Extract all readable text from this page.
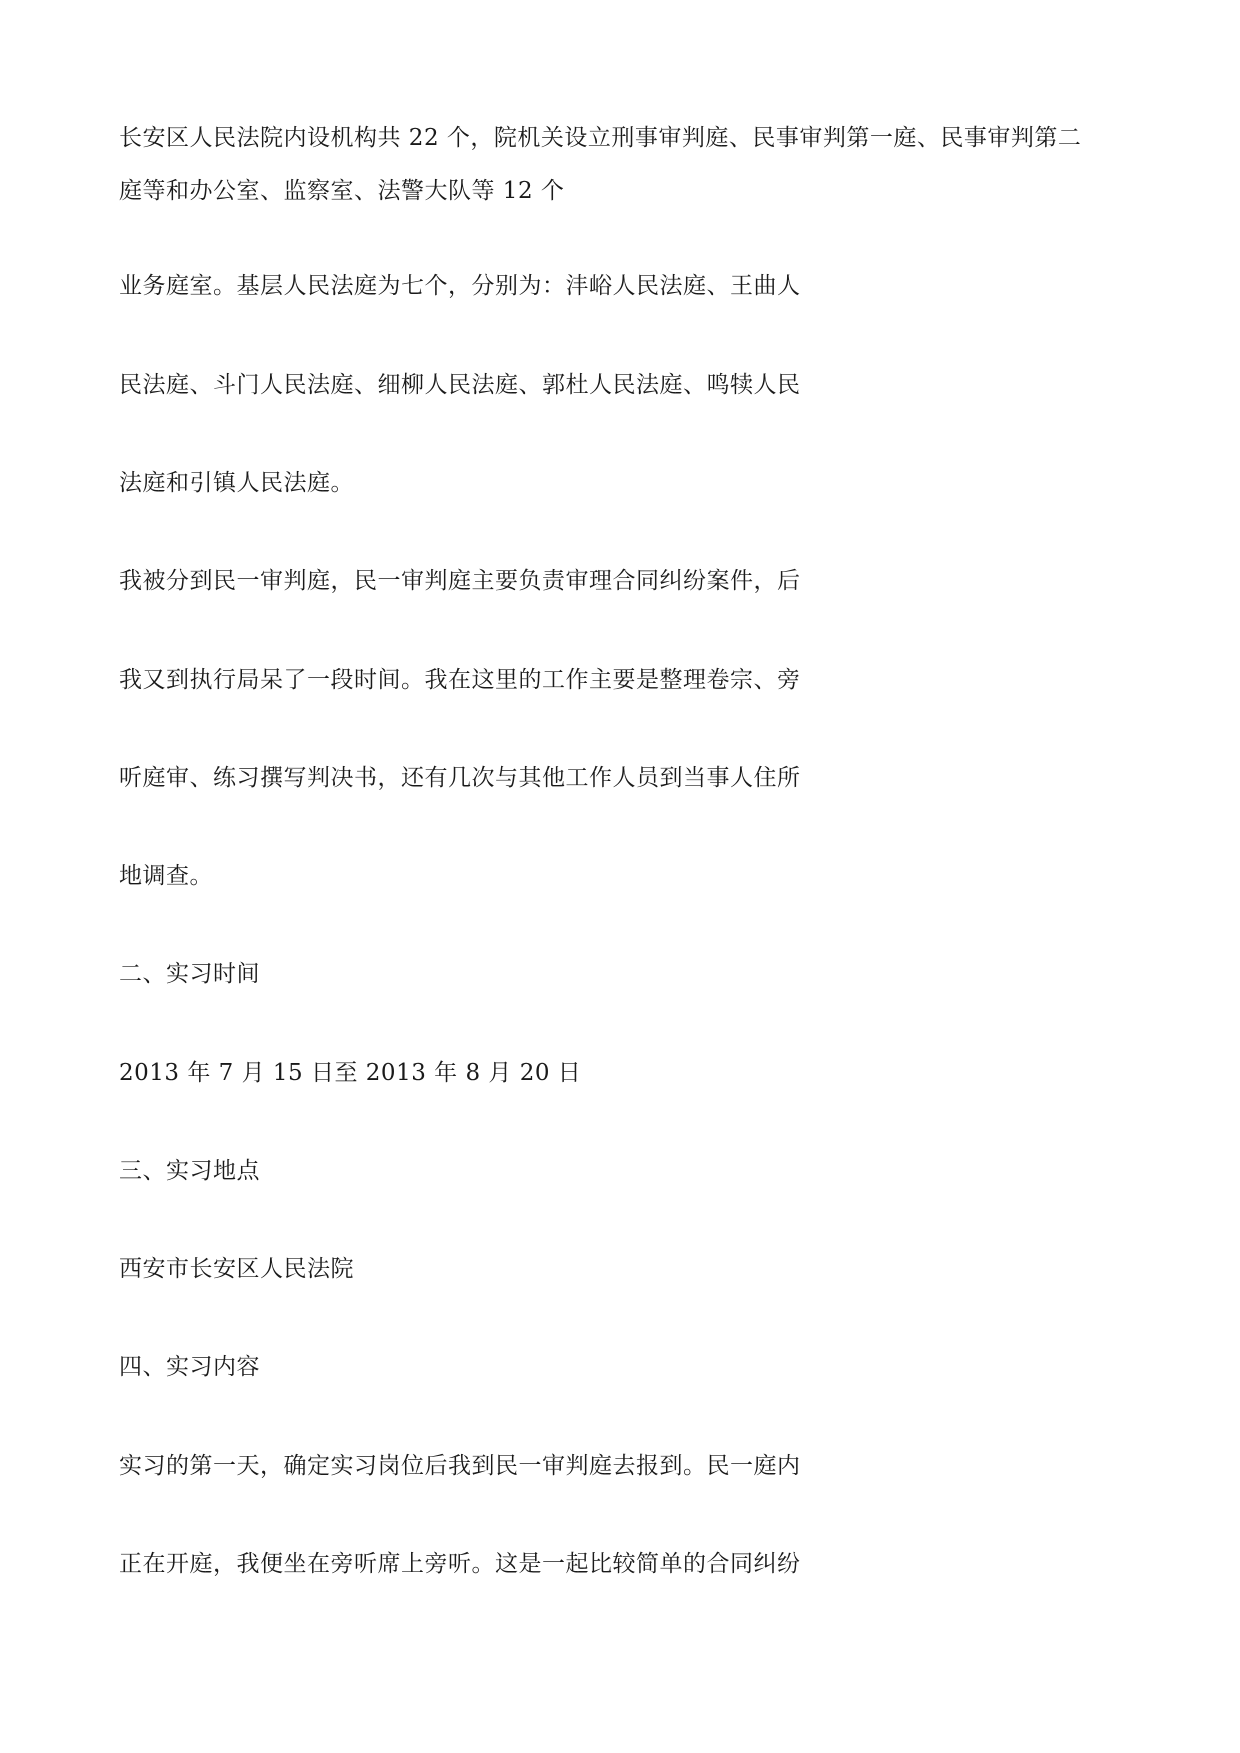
长安区人民法院内设机构共 22 个，院机关设立刑事审判庭、民事审判第一庭、民事审判第二

庭等和办公室、监察室、法警大队等 12 个

业务庭室。基层人民法庭为七个，分别为：沣峪人民法庭、王曲人

民法庭、斗门人民法庭、细柳人民法庭、郭杜人民法庭、鸣犊人民

法庭和引镇人民法庭。

我被分到民一审判庭，民一审判庭主要负责审理合同纠纷案件，后

我又到执行局呆了一段时间。我在这里的工作主要是整理卷宗、旁

听庭审、练习撰写判决书，还有几次与其他工作人员到当事人住所

地调查。

二、实习时间

2013 年 7 月 15 日至 2013 年 8 月 20 日

三、实习地点

西安市长安区人民法院

四、实习内容

实习的第一天，确定实习岗位后我到民一审判庭去报到。民一庭内

正在开庭，我便坐在旁听席上旁听。这是一起比较简单的合同纠纷
